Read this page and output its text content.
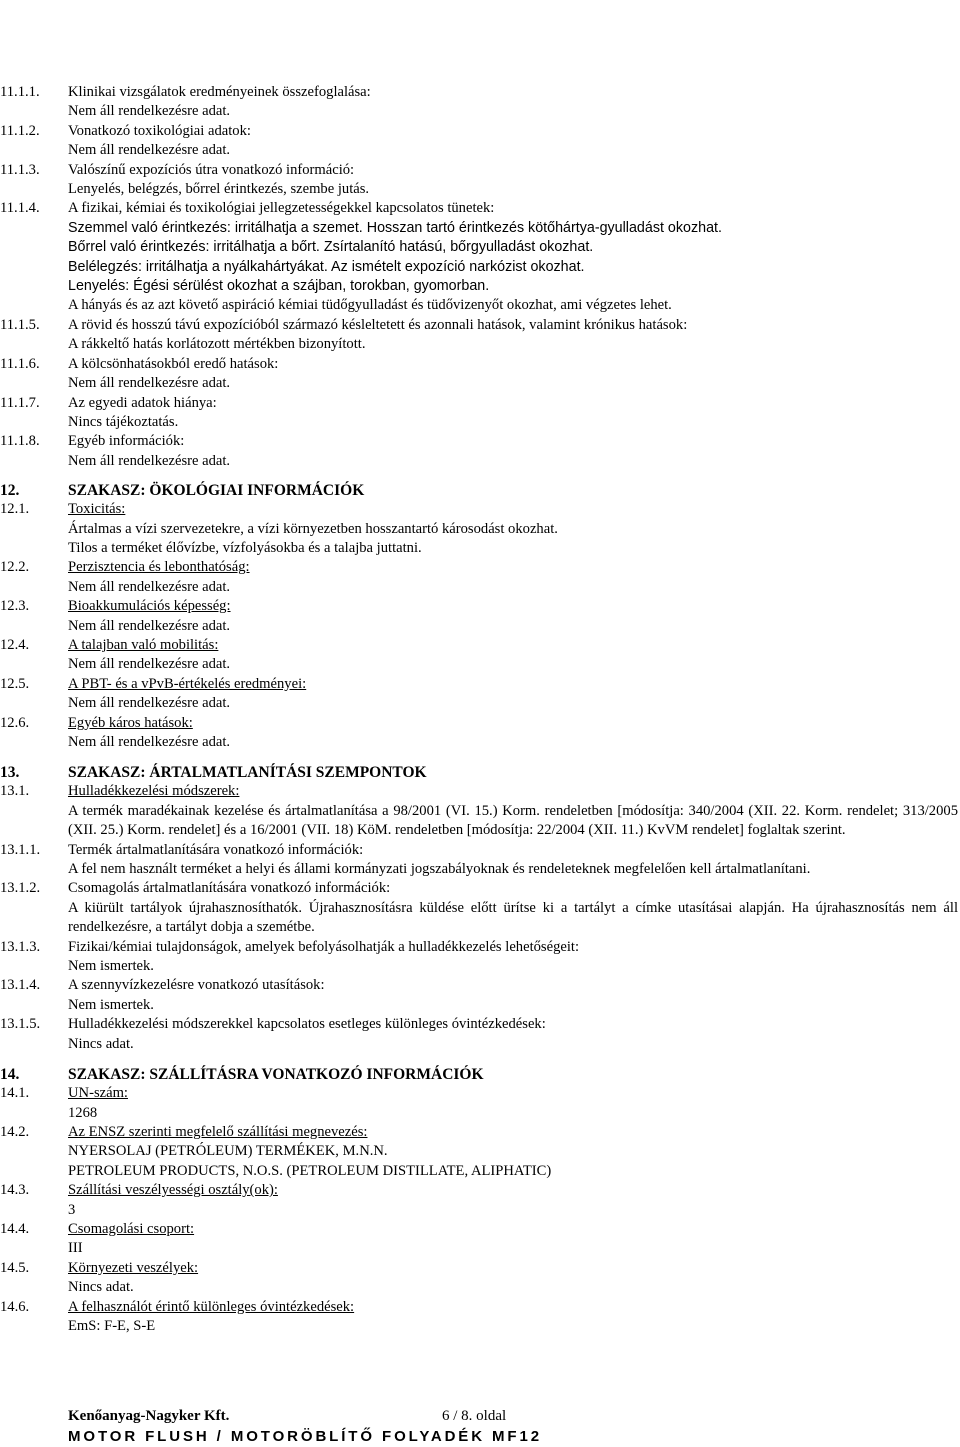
Elkészítés időpontja: 2013. 04. 10.
Felülvizsgálat időpontja: -
Verziószám: 1
http://www.biztonsagiadatlap.hu
11.1.1.	Klinikai vizsgálatok eredményeinek összefoglalása:
Nem áll rendelkezésre adat.
11.1.2.	Vonatkozó toxikológiai adatok:
Nem áll rendelkezésre adat.
11.1.3.	Valószínű expozíciós útra vonatkozó információ:
Lenyelés, belégzés, bőrrel érintkezés, szembe jutás.
11.1.4.	A fizikai, kémiai és toxikológiai jellegzetességekkel kapcsolatos tünetek:
Szemmel való érintkezés: irritálhatja a szemet. Hosszan tartó érintkezés kötőhártya-gyulladást okozhat.
Bőrrel való érintkezés: irritálhatja a bőrt. Zsírtalanító hatású, bőrgyulladást okozhat.
Belélegzés: irritálhatja a nyálkahártyákat. Az ismételt expozíció narkózist okozhat.
Lenyelés: Égési sérülést okozhat a szájban, torokban, gyomorban.
A hányás és az azt követő aspiráció kémiai tüdőgyulladást és tüdővizenyőt okozhat, ami végzetes lehet.
11.1.5.	A rövid és hosszú távú expozícióból származó késleltetett és azonnali hatások, valamint krónikus hatások:
A rákkeltő hatás korlátozott mértékben bizonyított.
11.1.6.	A kölcsönhatásokból eredő hatások:
Nem áll rendelkezésre adat.
11.1.7.	Az egyedi adatok hiánya:
Nincs tájékoztatás.
11.1.8.	Egyéb információk:
Nem áll rendelkezésre adat.
12.	SZAKASZ: ÖKOLÓGIAI INFORMÁCIÓK
12.1.	Toxicitás:
Ártalmas a vízi szervezetekre, a vízi környezetben hosszantartó károsodást okozhat.
Tilos a terméket élővízbe, vízfolyásokba és a talajba juttatni.
12.2.	Perzisztencia és lebonthatóság:
Nem áll rendelkezésre adat.
12.3.	Bioakkumulációs képesség:
Nem áll rendelkezésre adat.
12.4.	A talajban való mobilitás:
Nem áll rendelkezésre adat.
12.5.	A PBT- és a vPvB-értékelés eredményei:
Nem áll rendelkezésre adat.
12.6.	Egyéb káros hatások:
Nem áll rendelkezésre adat.
13.	SZAKASZ: ÁRTALMATLANÍTÁSI SZEMPONTOK
13.1.	Hulladékkezelési módszerek:
A termék maradékainak kezelése és ártalmatlanítása a 98/2001 (VI. 15.) Korm. rendeletben [módosítja: 340/2004 (XII. 22. Korm. rendelet; 313/2005 (XII. 25.) Korm. rendelet] és a 16/2001 (VII. 18) KöM. rendeletben [módosítja: 22/2004 (XII. 11.) KvVM rendelet] foglaltak szerint.
13.1.1.	Termék ártalmatlanítására vonatkozó információk:
A fel nem használt terméket a helyi és állami kormányzati jogszabályoknak és rendeleteknek megfelelően kell ártalmatlanítani.
13.1.2.	Csomagolás ártalmatlanítására vonatkozó információk:
A kiürült tartályok újrahasznosíthatók. Újrahasznosításra küldése előtt ürítse ki a tartályt a címke utasításai alapján. Ha újrahasznosítás nem áll rendelkezésre, a tartályt dobja a szemétbe.
13.1.3.	Fizikai/kémiai tulajdonságok, amelyek befolyásolhatják a hulladékkezelés lehetőségeit:
Nem ismertek.
13.1.4.	A szennyvízkezelésre vonatkozó utasítások:
Nem ismertek.
13.1.5.	Hulladékkezelési módszerekkel kapcsolatos esetleges különleges óvintézkedések:
Nincs adat.
14.	SZAKASZ: SZÁLLÍTÁSRA VONATKOZÓ INFORMÁCIÓK
14.1.	UN-szám:
1268
14.2.	Az ENSZ szerinti megfelelő szállítási megnevezés:
NYERSOLAJ (PETRÓLEUM) TERMÉKEK, M.N.N.
PETROLEUM PRODUCTS, N.O.S. (PETROLEUM DISTILLATE, ALIPHATIC)
14.3.	Szállítási veszélyességi osztály(ok):
3
14.4.	Csomagolási csoport:
III
14.5.	Környezeti veszélyek:
Nincs adat.
14.6.	A felhasználót érintő különleges óvintézkedések:
EmS: F-E, S-E
Kenőanyag-Nagyker Kft.	6 / 8. oldal
MOTOR FLUSH / MOTORÖBLÍTŐ FOLYADÉK MF12
